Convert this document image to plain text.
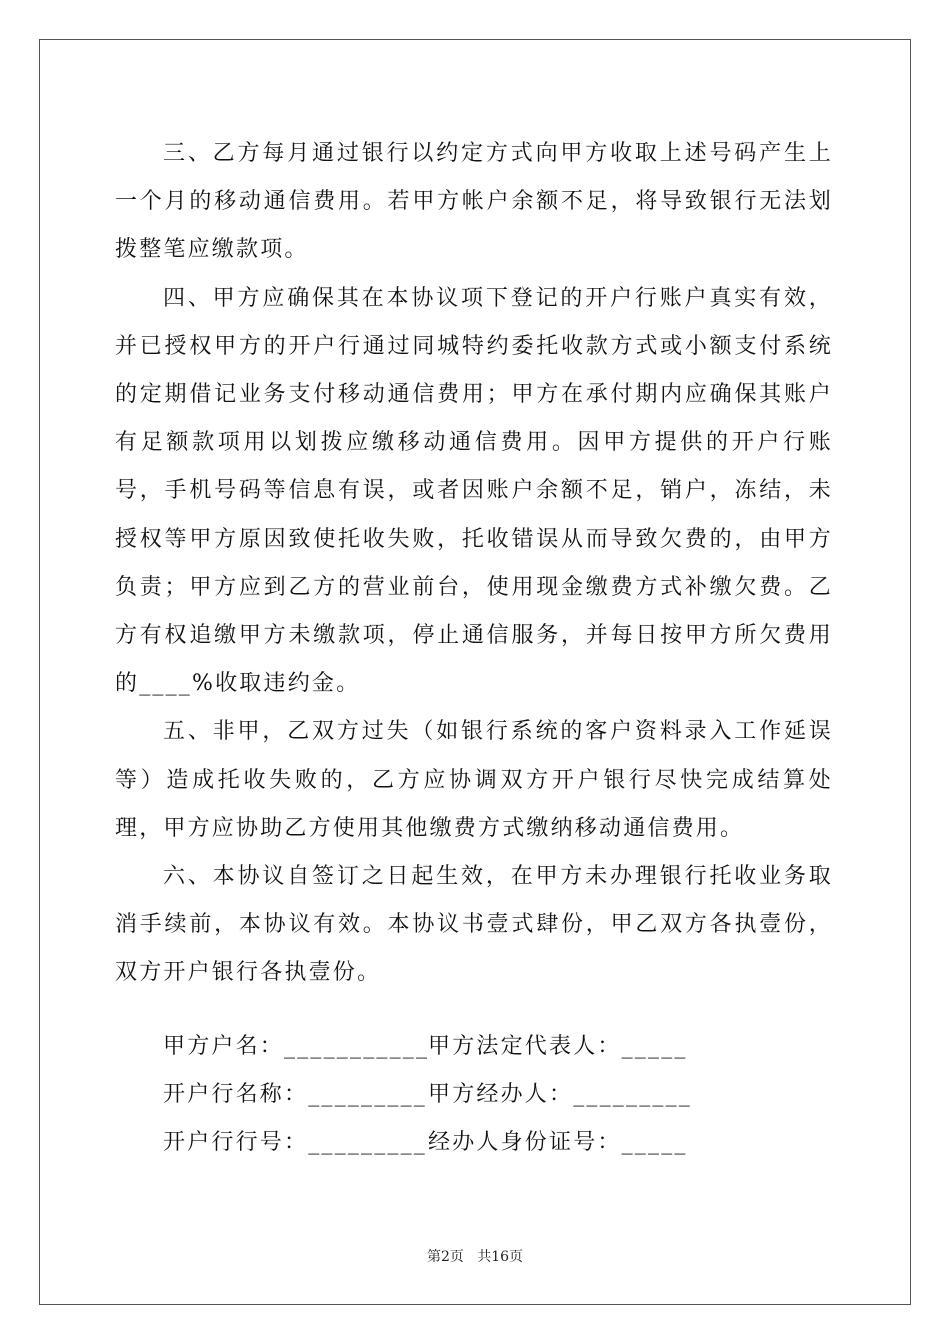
三、乙方每月通过银行以约定方式向甲方收取上述号码产生上一个月的移动通信费用。若甲方帐户余额不足，将导致银行无法划拨整笔应缴款项。

四、甲方应确保其在本协议项下登记的开户行账户真实有效，并已授权甲方的开户行通过同城特约委托收款方式或小额支付系统的定期借记业务支付移动通信费用；甲方在承付期内应确保其账户有足额款项用以划拨应缴移动通信费用。因甲方提供的开户行账号，手机号码等信息有误，或者因账户余额不足，销户，冻结，未授权等甲方原因致使托收失败，托收错误从而导致欠费的，由甲方负责；甲方应到乙方的营业前台，使用现金缴费方式补缴欠费。乙方有权追缴甲方未缴款项，停止通信服务，并每日按甲方所欠费用的____%收取违约金。

五、非甲，乙双方过失（如银行系统的客户资料录入工作延误等）造成托收失败的，乙方应协调双方开户银行尽快完成结算处理，甲方应协助乙方使用其他缴费方式缴纳移动通信费用。

六、本协议自签订之日起生效，在甲方未办理银行托收业务取消手续前，本协议有效。本协议书壹式肆份，甲乙双方各执壹份，双方开户银行各执壹份。

甲方户名：___________甲方法定代表人：_____
开户行名称：_________甲方经办人：_________
开户行行号：_________经办人身份证号：_____
第2页   共16页
